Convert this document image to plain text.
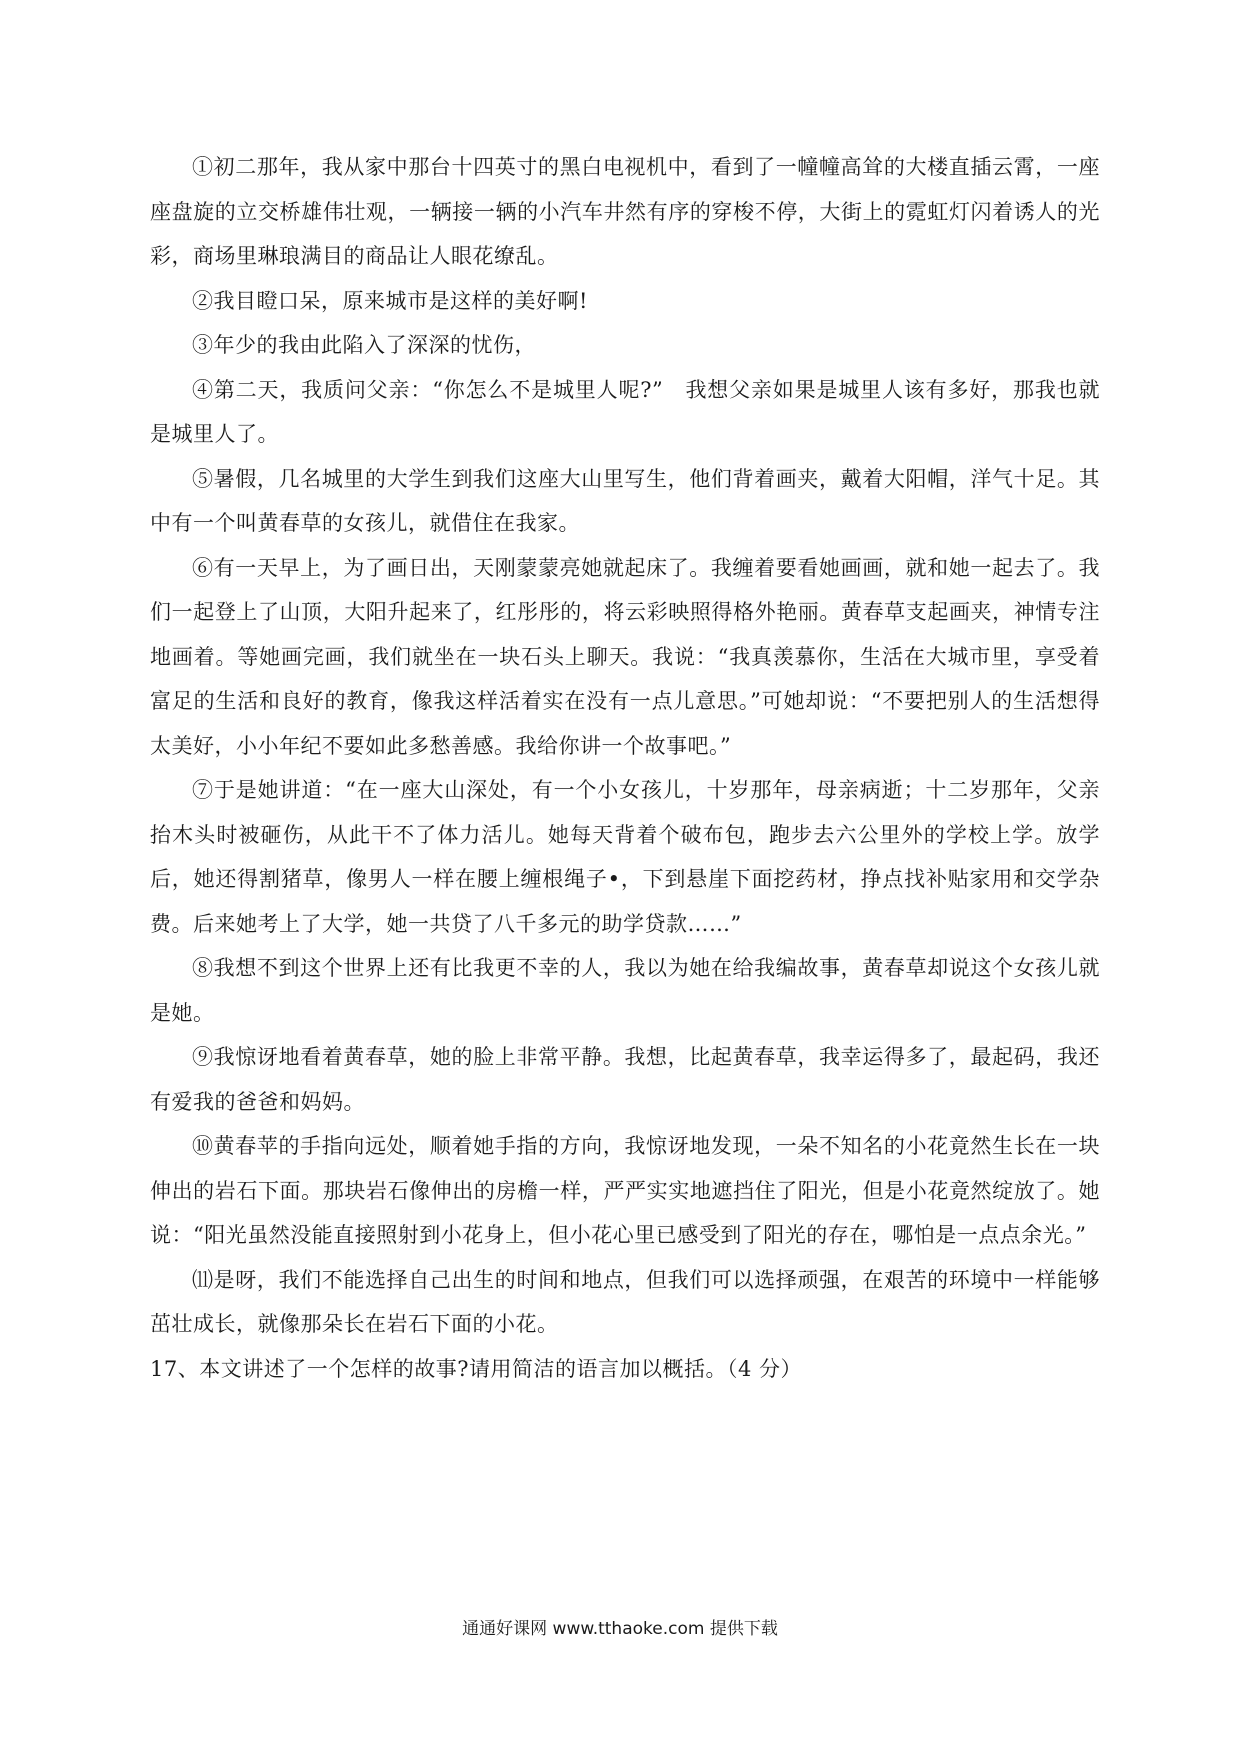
①初二那年，我从家中那台十四英寸的黑白电视机中，看到了一幢幢高耸的大楼直插云霄，一座座盘旋的立交桥雄伟壮观，一辆接一辆的小汽车井然有序的穿梭不停，大街上的霓虹灯闪着诱人的光彩，商场里琳琅满目的商品让人眼花缭乱。

②我目瞪口呆，原来城市是这样的美好啊!

③年少的我由此陷入了深深的忧伤，

④第二天，我质问父亲：“你怎么不是城里人呢?”　我想父亲如果是城里人该有多好，那我也就是城里人了。

⑤暑假，几名城里的大学生到我们这座大山里写生，他们背着画夹，戴着大阳帽，洋气十足。其中有一个叫黄春草的女孩儿，就借住在我家。

⑥有一天早上，为了画日出，天刚蒙蒙亮她就起床了。我缠着要看她画画，就和她一起去了。我们一起登上了山顶，大阳升起来了，红彤彤的，将云彩映照得格外艳丽。黄春草支起画夹，神情专注地画着。等她画完画，我们就坐在一块石头上聊天。我说：“我真羡慕你，生活在大城市里，享受着富足的生活和良好的教育，像我这样活着实在没有一点儿意思。”可她却说：“不要把别人的生活想得太美好，小小年纪不要如此多愁善感。我给你讲一个故事吧。”

⑦于是她讲道：“在一座大山深处，有一个小女孩儿，十岁那年，母亲病逝；十二岁那年，父亲抬木头时被砸伤，从此干不了体力活儿。她每天背着个破布包，跑步去六公里外的学校上学。放学后，她还得割猪草，像男人一样在腰上缠根绳子•，下到悬崖下面挖药材，挣点找补贴家用和交学杂费。后来她考上了大学，她一共贷了八千多元的助学贷款……”

⑧我想不到这个世界上还有比我更不幸的人，我以为她在给我编故事，黄春草却说这个女孩儿就是她。

⑨我惊讶地看着黄春草，她的脸上非常平静。我想，比起黄春草，我幸运得多了，最起码，我还有爱我的爸爸和妈妈。

⑩黄春苹的手指向远处，顺着她手指的方向，我惊讶地发现，一朵不知名的小花竟然生长在一块伸出的岩石下面。那块岩石像伸出的房檐一样，严严实实地遮挡住了阳光，但是小花竟然绽放了。她说：“阳光虽然没能直接照射到小花身上，但小花心里已感受到了阳光的存在，哪怕是一点点余光。”

⑾是呀，我们不能选择自己出生的时间和地点，但我们可以选择顽强，在艰苦的环境中一样能够茁壮成长，就像那朵长在岩石下面的小花。

17、本文讲述了一个怎样的故事?请用简洁的语言加以概括。（4 分）

通通好课网 www.tthaoke.com 提供下载
